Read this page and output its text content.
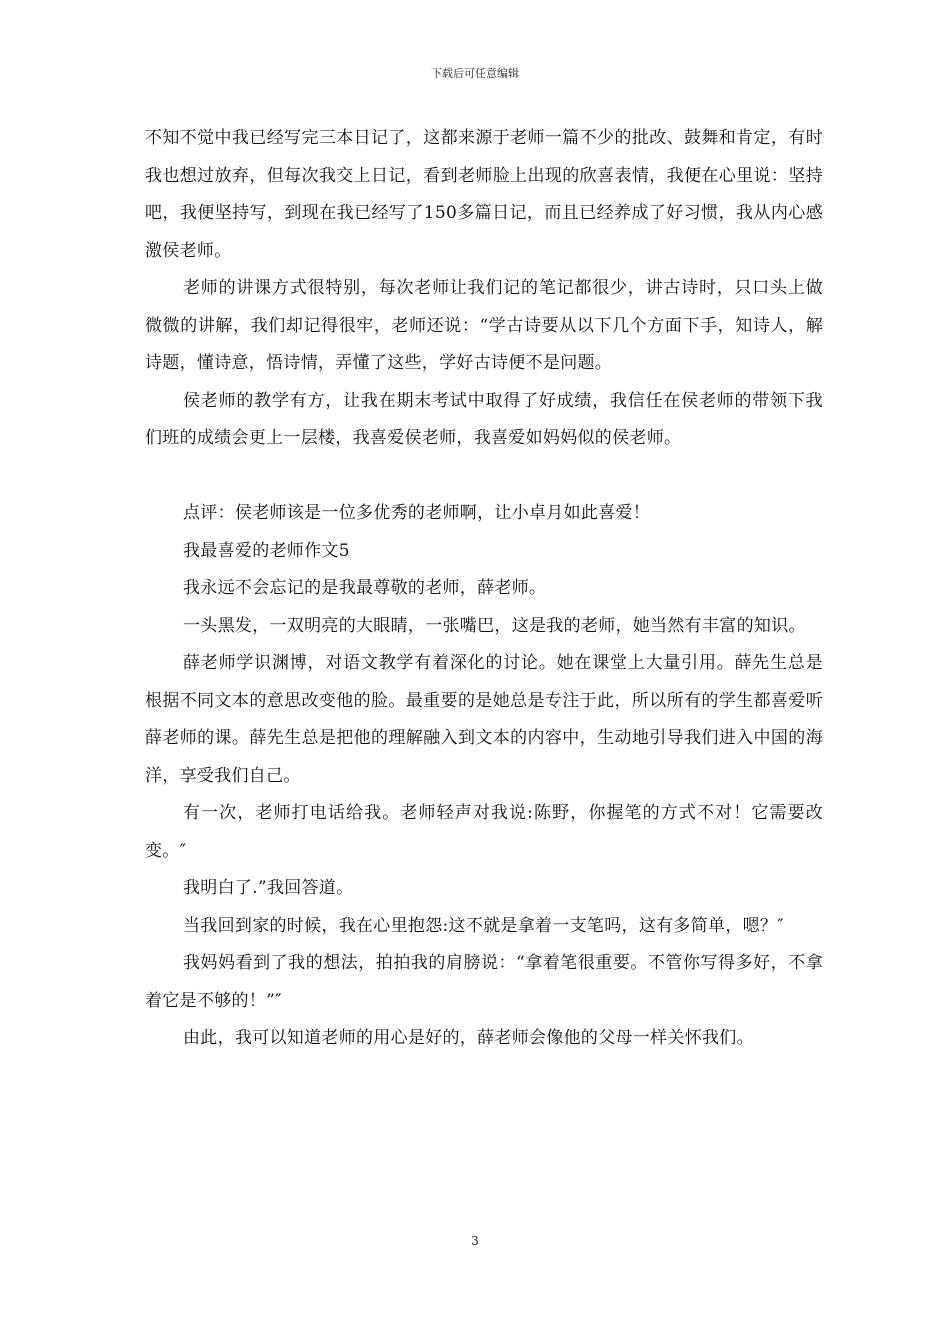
下载后可任意编辑

不知不觉中我已经写完三本日记了，这都来源于老师一篇不少的批改、鼓舞和肯定，有时我也想过放弃，但每次我交上日记，看到老师脸上出现的欣喜表情，我便在心里说：坚持吧，我便坚持写，到现在我已经写了150多篇日记，而且已经养成了好习惯，我从内心感激侯老师。

老师的讲课方式很特别，每次老师让我们记的笔记都很少，讲古诗时，只口头上做微微的讲解，我们却记得很牢，老师还说：“学古诗要从以下几个方面下手，知诗人，解诗题，懂诗意，悟诗情，弄懂了这些，学好古诗便不是问题。

侯老师的教学有方，让我在期末考试中取得了好成绩，我信任在侯老师的带领下我们班的成绩会更上一层楼，我喜爱侯老师，我喜爱如妈妈似的侯老师。

点评：侯老师该是一位多优秀的老师啊，让小卓月如此喜爱！

我最喜爱的老师作文5

我永远不会忘记的是我最尊敬的老师，薛老师。

一头黑发，一双明亮的大眼睛，一张嘴巴，这是我的老师，她当然有丰富的知识。

薛老师学识渊博，对语文教学有着深化的讨论。她在课堂上大量引用。薛先生总是根据不同文本的意思改变他的脸。最重要的是她总是专注于此，所以所有的学生都喜爱听薛老师的课。薛先生总是把他的理解融入到文本的内容中，生动地引导我们进入中国的海洋，享受我们自己。

有一次，老师打电话给我。老师轻声对我说:陈野，你握笔的方式不对！它需要改变。″

我明白了.”我回答道。

当我回到家的时候，我在心里抱怨:这不就是拿着一支笔吗，这有多简单，嗯？″

我妈妈看到了我的想法，拍拍我的肩膀说：“拿着笔很重要。不管你写得多好，不拿着它是不够的！”″

由此，我可以知道老师的用心是好的，薛老师会像他的父母一样关怀我们。

3
